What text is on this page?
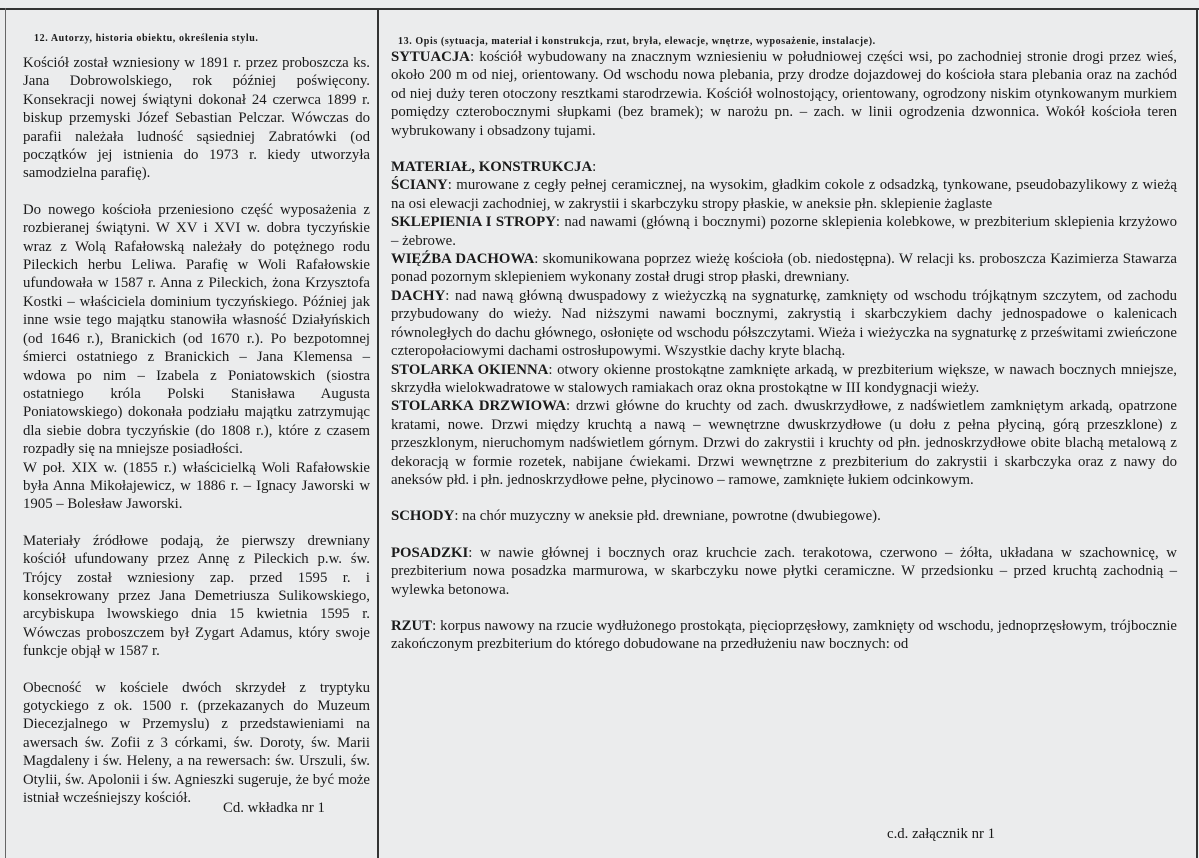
12. Autorzy, historia obiektu, określenia stylu.

Kościół został wzniesiony w 1891 r. przez proboszcza ks. Jana Dobrowolskiego, rok później poświęcony. Konsekracji nowej świątyni dokonał 24 czerwca 1899 r. biskup przemyski Józef Sebastian Pelczar. Wówczas do parafii należała ludność sąsiedniej Zabratówki (od początków jej istnienia do 1973 r. kiedy utworzyła samodzielna parafię).

Do nowego kościoła przeniesiono część wyposażenia z rozbieranej świątyni. W XV i XVI w. dobra tyczyńskie wraz z Wolą Rafałowską należały do potężnego rodu Pileckich herbu Leliwa. Parafię w Woli Rafałowskie ufundowała w 1587 r. Anna z Pileckich, żona Krzysztofa Kostki – właściciela dominium tyczyńskiego. Później jak inne wsie tego majątku stanowiła własność Działyńskich (od 1646 r.), Branickich (od 1670 r.). Po bezpotomnej śmierci ostatniego z Branickich – Jana Klemensa – wdowa po nim – Izabela z Poniatowskich (siostra ostatniego króla Polski Stanisława Augusta Poniatowskiego) dokonała podziału majątku zatrzymując dla siebie dobra tyczyńskie (do 1808 r.), które z czasem rozpadły się na mniejsze posiadłości.

W poł. XIX w. (1855 r.) właścicielką Woli Rafałowskie była Anna Mikołajewicz, w 1886 r. – Ignacy Jaworski w 1905 – Bolesław Jaworski.

Materiały źródłowe podają, że pierwszy drewniany kościół ufundowany przez Annę z Pileckich p.w. św. Trójcy został wzniesiony zap. przed 1595 r. i konsekrowany przez Jana Demetriusza Sulikowskiego, arcybiskupa lwowskiego dnia 15 kwietnia 1595 r. Wówczas proboszczem był Zygart Adamus, który swoje funkcje objął w 1587 r.

Obecność w kościele dwóch skrzydeł z tryptyku gotyckiego z ok. 1500 r. (przekazanych do Muzeum Diecezjalnego w Przemyslu) z przedstawieniami na awersach św. Zofii z 3 córkami, św. Doroty, św. Marii Magdaleny i św. Heleny, a na rewersach: św. Urszuli, św. Otylii, św. Apolonii i św. Agnieszki sugeruje, że być może istniał wcześniejszy kościół.

Cd. wkładka nr 1
13. Opis (sytuacja, materiał i konstrukcja, rzut, bryła, elewacje, wnętrze, wyposażenie, instalacje).

SYTUACJA: kościół wybudowany na znacznym wzniesieniu w południowej części wsi, po zachodniej stronie drogi przez wieś, około 200 m od niej, orientowany. Od wschodu nowa plebania, przy drodze dojazdowej do kościoła stara plebania oraz na zachód od niej duży teren otoczony resztkami starodrzewia. Kościół wolnostojący, orientowany, ogrodzony niskim otynkowanym murkiem pomiędzy czterobocznymi słupkami (bez bramek); w narożu pn. – zach. w linii ogrodzenia dzwonnica. Wokół kościoła teren wybrukowany i obsadzony tujami.

MATERIAŁ, KONSTRUKCJA:

ŚCIANY: murowane z cegły pełnej ceramicznej, na wysokim, gładkim cokole z odsadzką, tynkowane, pseudobazylikowy z wieżą na osi elewacji zachodniej, w zakrystii i skarbczyku stropy płaskie, w aneksie płn. sklepienie żaglaste

SKLEPIENIA I STROPY: nad nawami (główną i bocznymi) pozorne sklepienia kolebkowe, w prezbiterium sklepienia krzyżowo – żebrowe.

WIĘŹBA DACHOWA: skomunikowana poprzez wieżę kościoła (ob. niedostępna). W relacji ks. proboszcza Kazimierza Stawarza ponad pozornym sklepieniem wykonany został drugi strop płaski, drewniany.

DACHY: nad nawą główną dwuspadowy z wieżyczką na sygnaturkę, zamknięty od wschodu trójkątnym szczytem, od zachodu przybudowany do wieży. Nad niższymi nawami bocznymi, zakrystią i skarbczykiem dachy jednospadowe o kalenicach równoległych do dachu głównego, osłonięte od wschodu półszczytami. Wieża i wieżyczka na sygnaturkę z prześwitami zwieńczone czteropołaciowymi dachami ostrosłupowymi. Wszystkie dachy kryte blachą.

STOLARKA OKIENNA: otwory okienne prostokątne zamknięte arkadą, w prezbiterium większe, w nawach bocznych mniejsze, skrzydła wielokwadratowe w stalowych ramiakach oraz okna prostokątne w III kondygnacji wieży.

STOLARKA DRZWIOWA: drzwi główne do kruchty od zach. dwuskrzydłowe, z nadświetlem zamkniętym arkadą, opatrzone kratami, nowe. Drzwi między kruchtą a nawą – wewnętrzne dwuskrzydłowe (u dołu z pełna płyciną, górą przeszklone) z przeszklonym, nieruchomym nadświetlem górnym. Drzwi do zakrystii i kruchty od płn. jednoskrzydłowe obite blachą metalową z dekoracją w formie rozetek, nabijane ćwiekami. Drzwi wewnętrzne z prezbiterium do zakrystii i skarbczyka oraz z nawy do aneksów płd. i płn. jednoskrzydłowe pełne, płycinowo – ramowe, zamknięte łukiem odcinkowym.

SCHODY: na chór muzyczny w aneksie płd. drewniane, powrotne (dwubiegowe).

POSADZKI: w nawie głównej i bocznych oraz kruchcie zach. terakotowa, czerwono – żółta, układana w szachownicę, w prezbiterium nowa posadzka marmurowa, w skarbczyku nowe płytki ceramiczne. W przedsionku – przed kruchtą zachodnią – wylewka betonowa.

RZUT: korpus nawowy na rzucie wydłużonego prostokąta, pięcioprzęsłowy, zamknięty od wschodu, jednoprzęsłowym, trójbocznie zakończonym prezbiterium do którego dobudowane na przedłużeniu naw bocznych: od

c.d. załącznik nr 1
